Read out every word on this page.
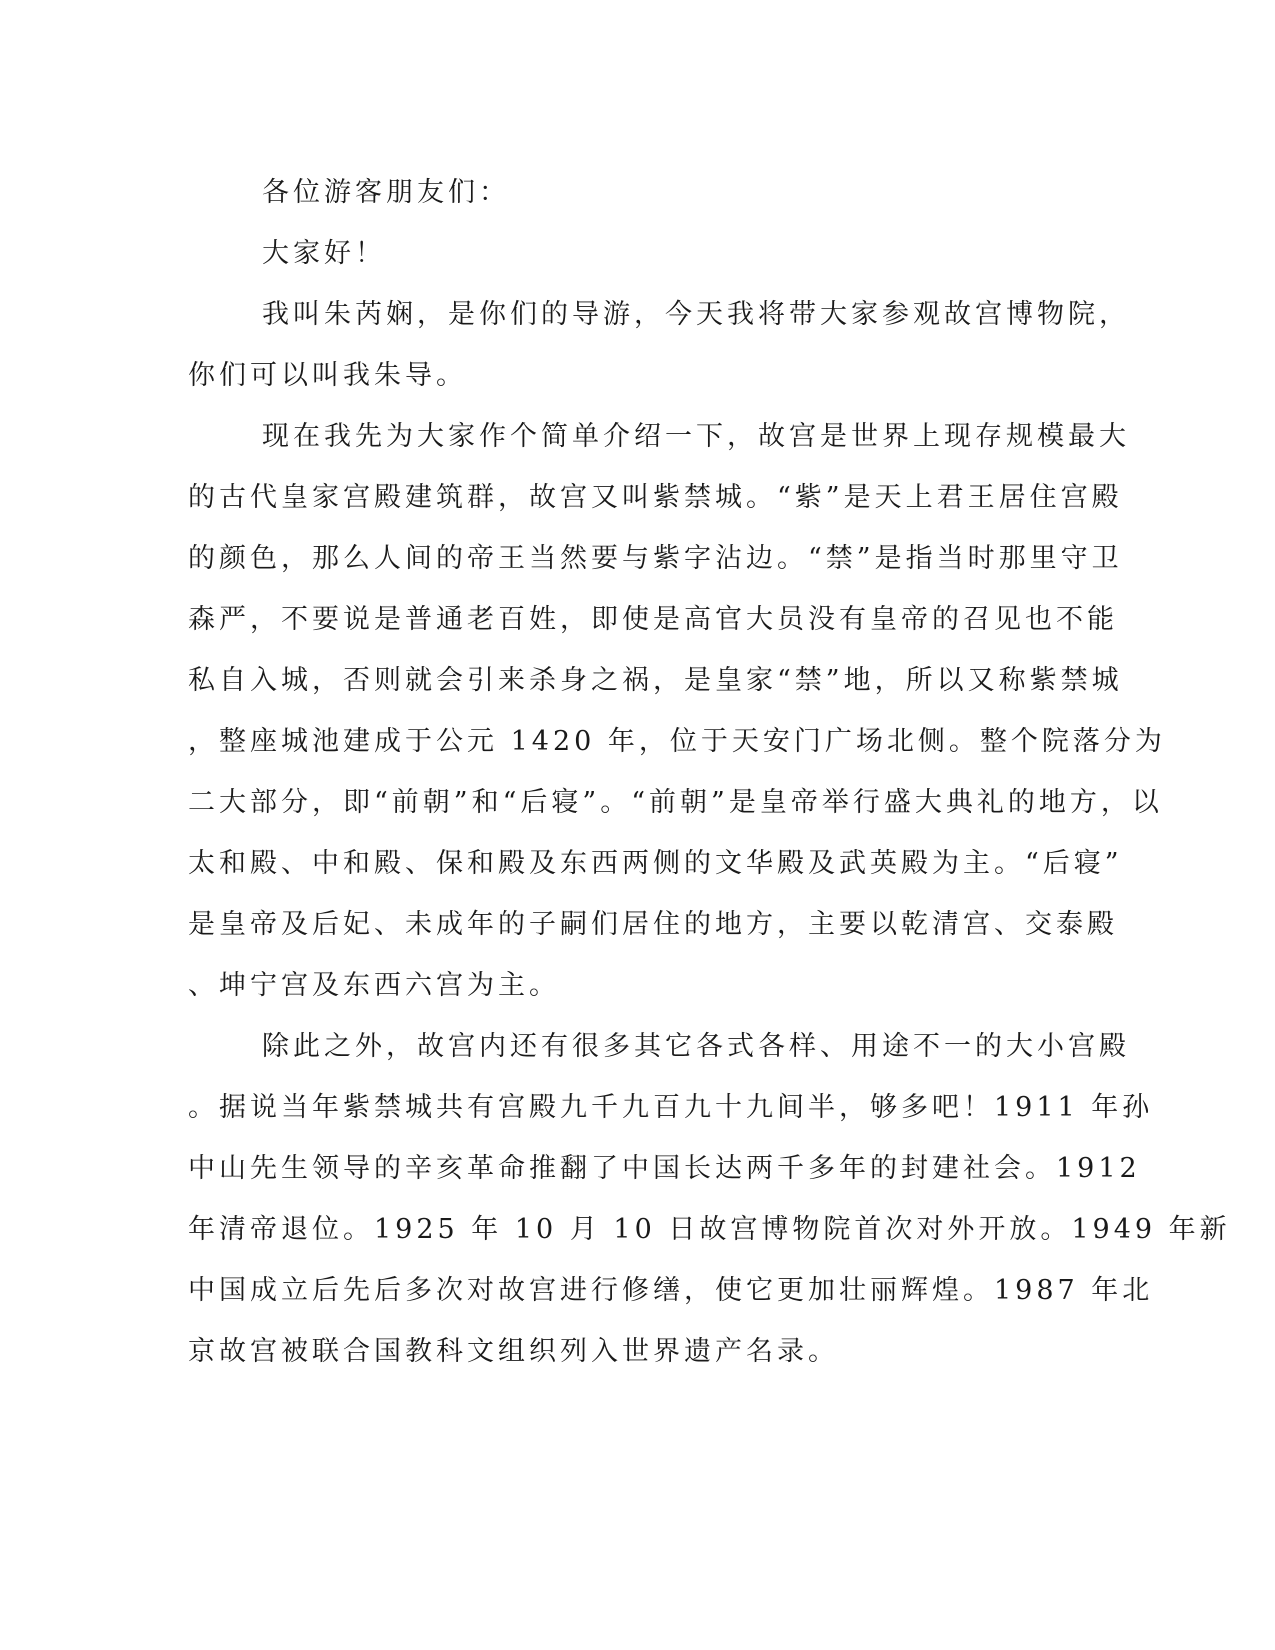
各位游客朋友们：
大家好！
我叫朱芮娴，是你们的导游，今天我将带大家参观故宫博物院，
你们可以叫我朱导。
现在我先为大家作个简单介绍一下，故宫是世界上现存规模最大
的古代皇家宫殿建筑群，故宫又叫紫禁城。“紫”是天上君王居住宫殿
的颜色，那么人间的帝王当然要与紫字沾边。“禁”是指当时那里守卫
森严，不要说是普通老百姓，即使是高官大员没有皇帝的召见也不能
私自入城，否则就会引来杀身之祸，是皇家“禁”地，所以又称紫禁城
，整座城池建成于公元 1420 年，位于天安门广场北侧。整个院落分为
二大部分，即“前朝”和“后寝”。“前朝”是皇帝举行盛大典礼的地方，以
太和殿、中和殿、保和殿及东西两侧的文华殿及武英殿为主。“后寝”
是皇帝及后妃、未成年的子嗣们居住的地方，主要以乾清宫、交泰殿
、坤宁宫及东西六宫为主。
除此之外，故宫内还有很多其它各式各样、用途不一的大小宫殿
。据说当年紫禁城共有宫殿九千九百九十九间半，够多吧！1911 年孙
中山先生领导的辛亥革命推翻了中国长达两千多年的封建社会。1912
年清帝退位。1925 年 10 月 10 日故宫博物院首次对外开放。1949 年新
中国成立后先后多次对故宫进行修缮，使它更加壮丽辉煌。1987 年北
京故宫被联合国教科文组织列入世界遗产名录。
